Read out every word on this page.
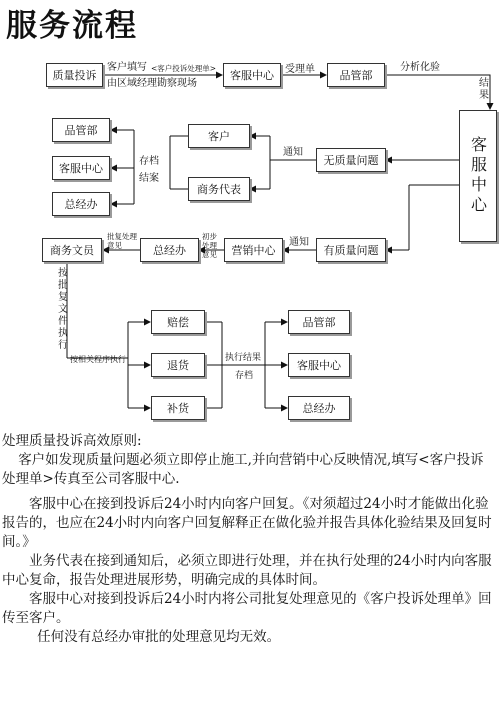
服务流程
质量投诉	客服中心	品管部
客服中心
无质量问题
客户
商务代表
品管部
客服中心
总经办
有质量问题
营销中心
总经办
商务文员
赔偿
退货
补货
品管部
客服中心
总经办
客户填写 <客户投诉处理单>
由区域经理勘察现场
受理单	分析化验
结果
通知
存档
结案
通知
初步处理意见
批复处理意见
按批复文件执行
按相关程序执行	执行结果
存档

处理质量投诉高效原则:

客户如发现质量问题必须立即停止施工,并向营销中心反映情况,填写<客户投诉处理单>传真至公司客服中心.

客服中心在接到投诉后24小时内向客户回复。《对须超过24小时才能做出化验报告的，也应在24小时内向客户回复解释正在做化验并报告具体化验结果及回复时间。》

业务代表在接到通知后，必须立即进行处理，并在执行处理的24小时内向客服中心复命，报告处理进展形势，明确完成的具体时间。

客服中心对接到投诉后24小时内将公司批复处理意见的《客户投诉处理单》回传至客户。

任何没有总经办审批的处理意见均无效。
